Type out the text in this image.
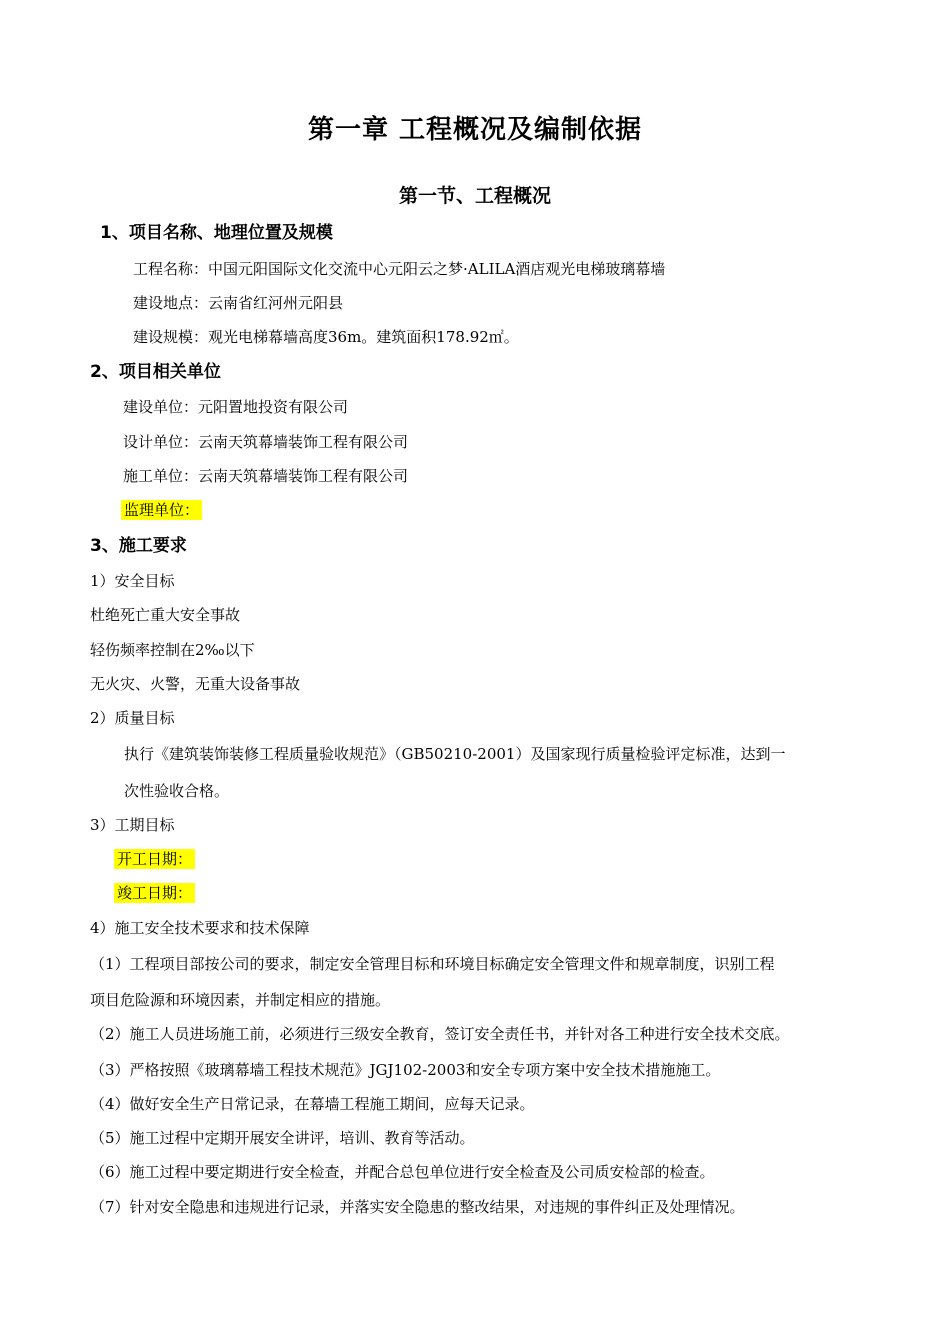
第一章 工程概况及编制依据
第一节、工程概况
1、项目名称、地理位置及规模
工程名称：中国元阳国际文化交流中心元阳云之梦·ALILA酒店观光电梯玻璃幕墙
建设地点：云南省红河州元阳县
建设规模：观光电梯幕墙高度36m。建筑面积178.92㎡。
2、项目相关单位
建设单位：元阳置地投资有限公司
设计单位：云南天筑幕墙装饰工程有限公司
施工单位：云南天筑幕墙装饰工程有限公司
监理单位：
3、施工要求
1）安全目标
杜绝死亡重大安全事故
轻伤频率控制在2‰以下
无火灾、火警，无重大设备事故
2）质量目标
执行《建筑装饰装修工程质量验收规范》（GB50210-2001）及国家现行质量检验评定标准，达到一
次性验收合格。
3）工期目标
开工日期：
竣工日期：
4）施工安全技术要求和技术保障
（1）工程项目部按公司的要求，制定安全管理目标和环境目标确定安全管理文件和规章制度，识别工程
项目危险源和环境因素，并制定相应的措施。
（2）施工人员进场施工前，必须进行三级安全教育，签订安全责任书，并针对各工种进行安全技术交底。
（3）严格按照《玻璃幕墙工程技术规范》JGJ102-2003和安全专项方案中安全技术措施施工。
（4）做好安全生产日常记录，在幕墙工程施工期间，应每天记录。
（5）施工过程中定期开展安全讲评，培训、教育等活动。
（6）施工过程中要定期进行安全检查，并配合总包单位进行安全检查及公司质安检部的检查。
（7）针对安全隐患和违规进行记录，并落实安全隐患的整改结果，对违规的事件纠正及处理情况。
